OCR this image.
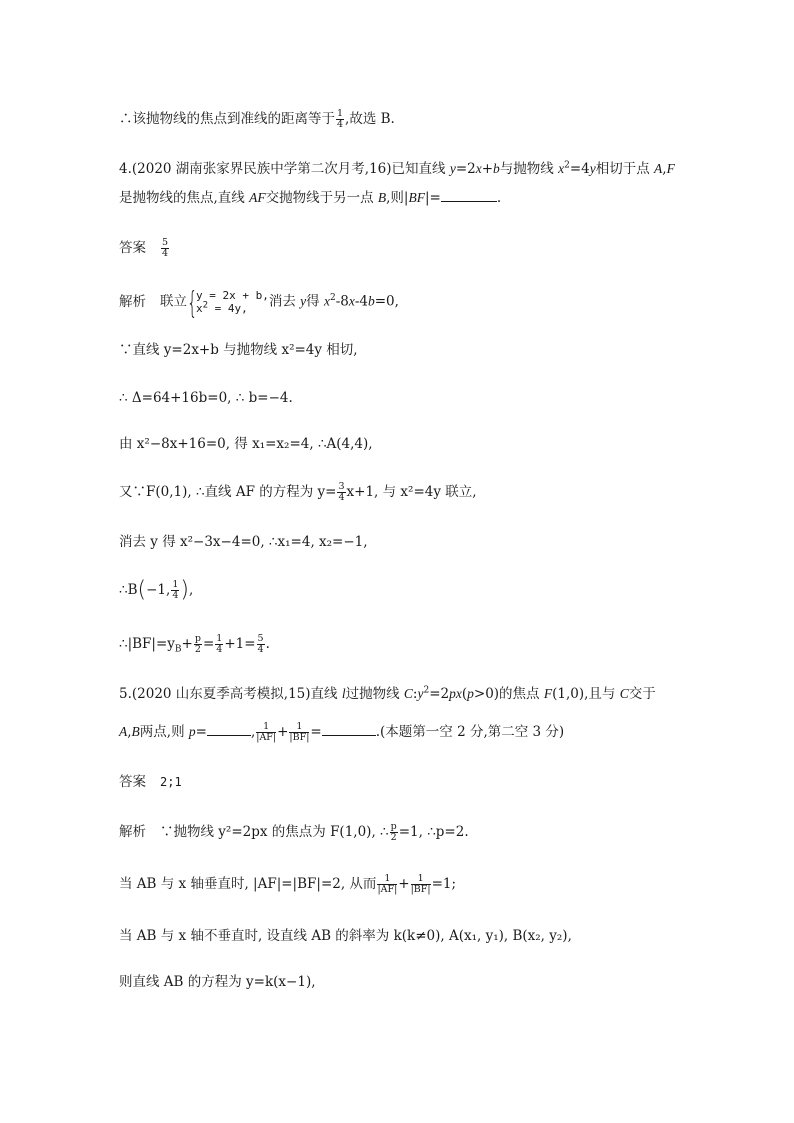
∴该抛物线的焦点到准线的距离等于 $\frac{1}{4}$ ,故选 B.
4.(2020 湖南张家界民族中学第二次月考,16)已知直线 y=2x+b与抛物线 $x^2=4y$相切于点 A,F
是抛物线的焦点,直线 AF交抛物线于另一点 B,则|BF|=	.
答案 $\frac{5}{4}$
解析 联立 {
y = 2x + b,
$x^2 = 4y$,	消去 y得 $x^2-8x-4b=0$,
∵直线 y=2x+b 与抛物线 x²=4y 相切,
∴ Δ=64+16b=0, ∴ b=−4.
由 x²−8x+16=0, 得 x₁=x₂=4, ∴A(4,4),
又∵F(0,1), ∴直线 AF 的方程为 $y= \frac{3}{4} x+1$, 与 x²=4y 联立,
消去 y 得 x²−3x−4=0, ∴x₁=4, x₂=−1,
∴B(−1, $\frac{1}{4}$ ),
$\therefore|BF|=y_B+ \frac{p}{2} = \frac{1}{4} +1= \frac{5}{4}$ .
5.(2020 山东夏季高考模拟,15)直线 l过抛物线 $C:y^2=2px(p>0)$的焦点 F(1,0),且与 C交于
A,B两点,则 p=	, $\frac{1}{|AF|} + \frac{1}{|BF|}$ =	.(本题第一空 2 分,第二空 3 分)
答案 2;1
解析 ∵抛物线 y²=2px 的焦点为 F(1,0), ∴ $\frac{p}{2} =1$, ∴p=2.
当 AB 与 x 轴垂直时, |AF|=|BF|=2, 从而 $\frac{1}{|AF|} + \frac{1}{|BF|} =1$;
当 AB 与 x 轴不垂直时, 设直线 AB 的斜率为 k(k≠0), A(x₁, y₁), B(x₂, y₂),
则直线 AB 的方程为 y=k(x−1),
